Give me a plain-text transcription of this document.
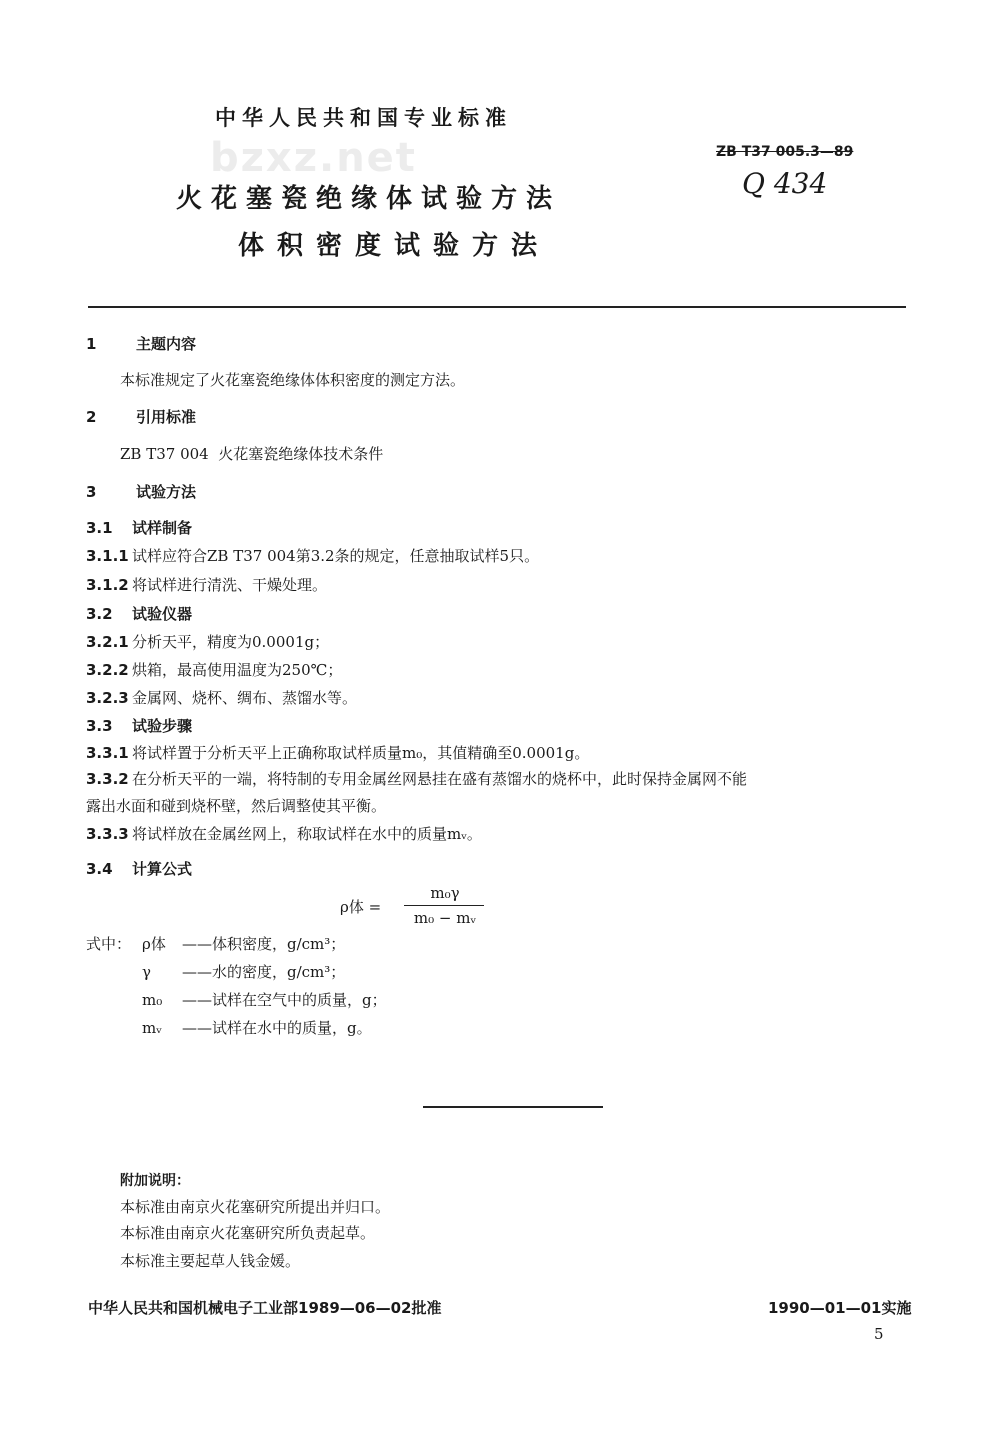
中华人民共和国专业标准
bzxz.net	ZB T37 005.3—89
Q 434
火花塞瓷绝缘体试验方法
体积密度试验方法
1	主题内容
本标准规定了火花塞瓷绝缘体体积密度的测定方法。
2	引用标准
ZB T37 004  火花塞瓷绝缘体技术条件
3	试验方法
3.1 试样制备
3.1.1 试样应符合ZB T37 004第3.2条的规定，任意抽取试样5只。
3.1.2 将试样进行清洗、干燥处理。
3.2 试验仪器
3.2.1 分析天平，精度为0.0001g；
3.2.2 烘箱，最高使用温度为250℃；
3.2.3 金属网、烧杯、绸布、蒸馏水等。
3.3 试验步骤
3.3.1 将试样置于分析天平上正确称取试样质量m₀，其值精确至0.0001g。
3.3.2 在分析天平的一端，将特制的专用金属丝网悬挂在盛有蒸馏水的烧杯中，此时保持金属网不能
露出水面和碰到烧杯壁，然后调整使其平衡。
3.3.3 将试样放在金属丝网上，称取试样在水中的质量mᵥ。
3.4 计算公式
ρ体 =
m₀γ
m₀ − mᵥ
式中： ρ体 ——体积密度，g/cm³；
γ ——水的密度，g/cm³；
m₀ ——试样在空气中的质量，g；
mᵥ ——试样在水中的质量，g。
附加说明：
本标准由南京火花塞研究所提出并归口。
本标准由南京火花塞研究所负责起草。
本标准主要起草人钱金媛。
中华人民共和国机械电子工业部1989—06—02批准	1990—01—01实施
5
